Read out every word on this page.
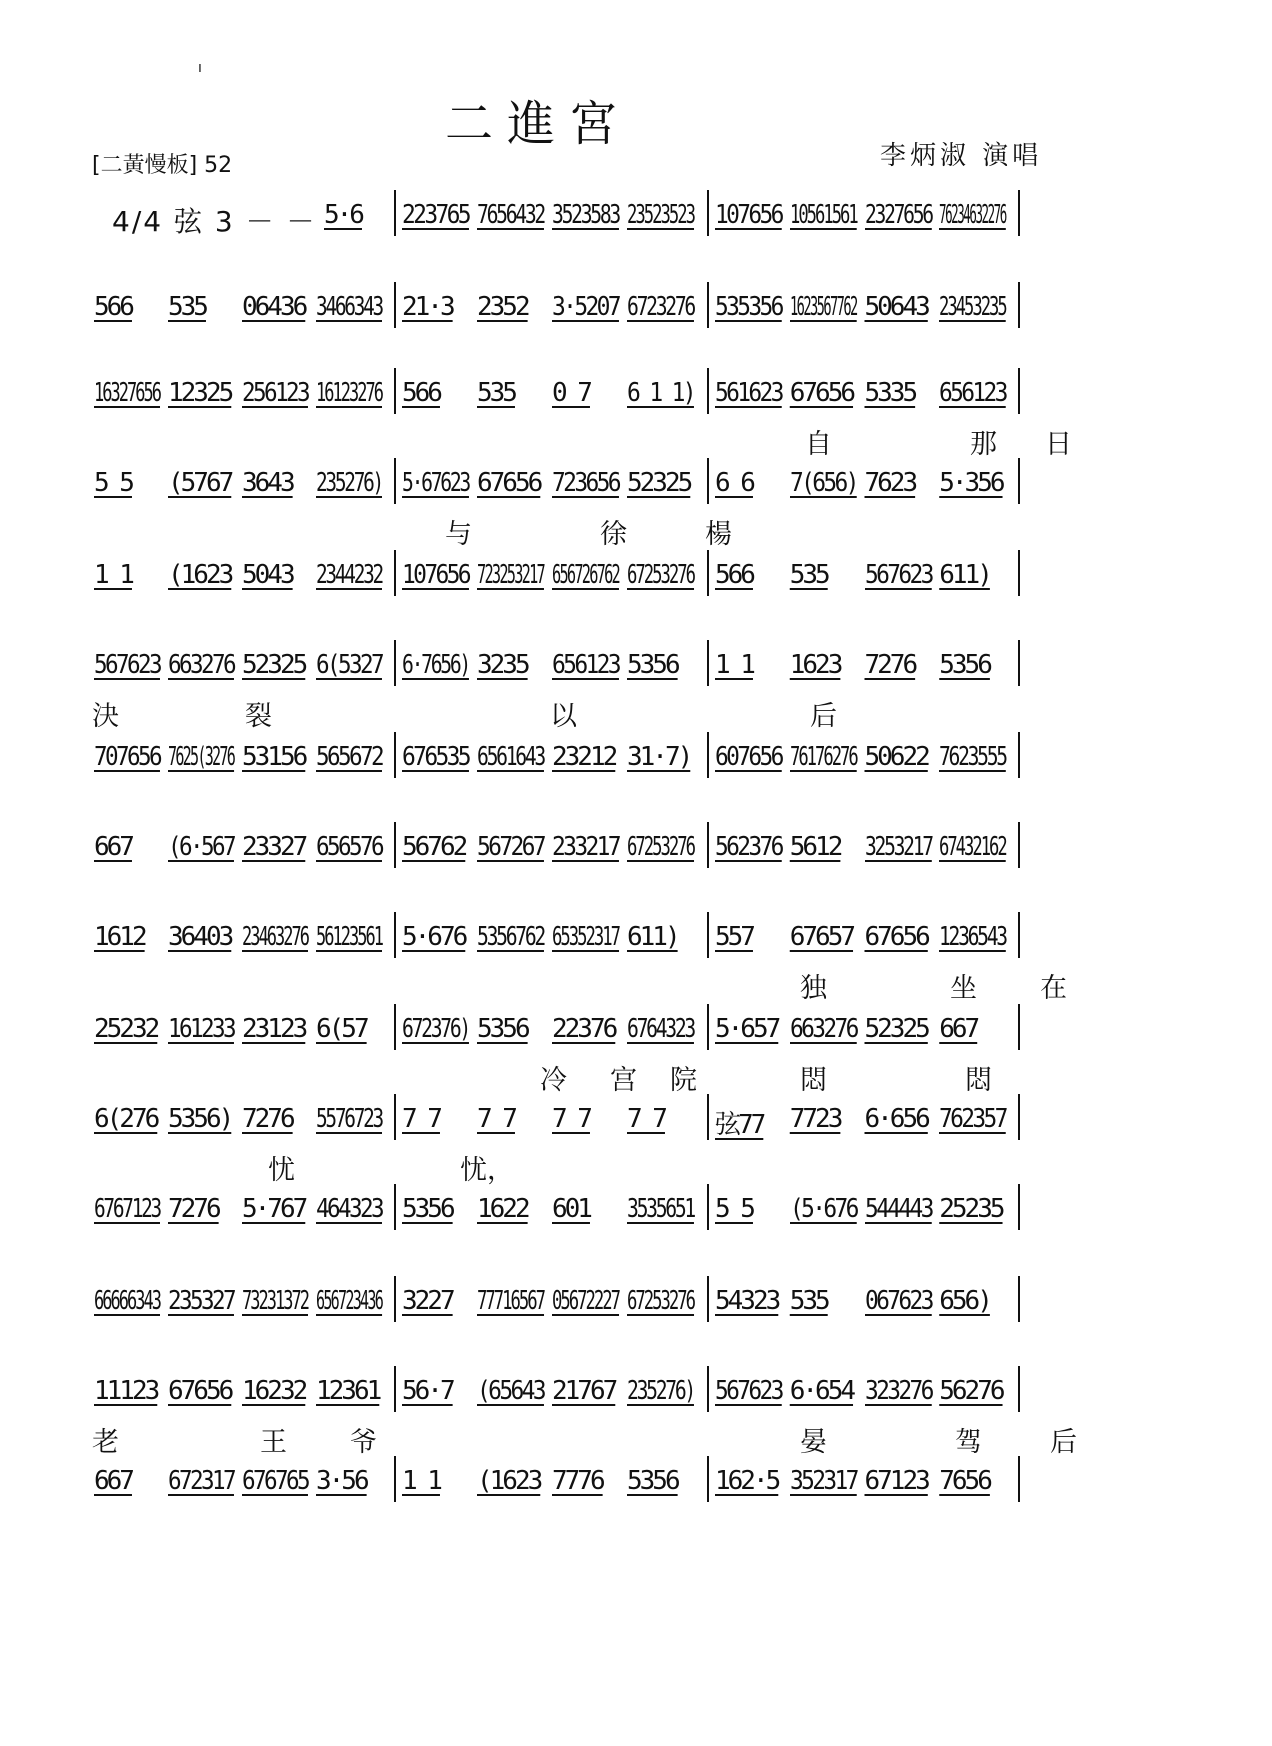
ı
二進宮
[二黃慢板] 52	李炳淑 演唱
4/4 弦 3 － － 5·6 223765 7656432 3523583 23523523 107656 10561561 2327656 76234632276
566 535 06436 3466343 21·3 2352 3·5207 6723276 535356 1623567762 50643 23453235
16327656 12325 256123 16123276 566 535 0 7 6 1 1) 561623 67656 5335 656123
自	那 日
5 5 (5767 3643 235276) 5·67623 67656 723656 52325 6 6 7(656) 7623 5·356
与	徐	楊
1 1 (1623 5043 2344232 107656 723253217 656726762 67253276 566 535 567623 611)
567623 663276 52325 6(5327 6·7656) 3235 656123 5356 1 1 1623 7276 5356
決	裂	以	后
707656 7625(3276 53156 565672 676535 6561643 23212 31·7) 607656 76176276 50622 7623555
667 (6·567 23327 656576 56762 567267 233217 67253276 562376 5612 3253217 67432162
1612 36403 23463276 56123561 5·676 5356762 65352317 611) 557 67657 67656 1236543
独	坐 在
25232 161233 23123 6(57 672376) 5356 22376 6764323 5·657 663276 52325 667
冷 宫 院	悶	悶
6(276 5356) 7276 5576723 7 7 7 7 7 7 7 7 弦77 7723 6·656 762357
忧	忧，
6767123 7276 5·767 464323 5356 1622 601 3535651 5 5 (5·676 544443 25235
66666343 235327 73231372 656723436 3227 77716567 05672227 67253276 54323 535 067623 656)
11123 67656 16232 12361 56·7 (65643 21767 235276) 567623 6·654 323276 56276
老	王 爷	晏	驾	后
667 672317 676765 3·56 1 1 (1623 7776 5356 162·5 352317 67123 7656
